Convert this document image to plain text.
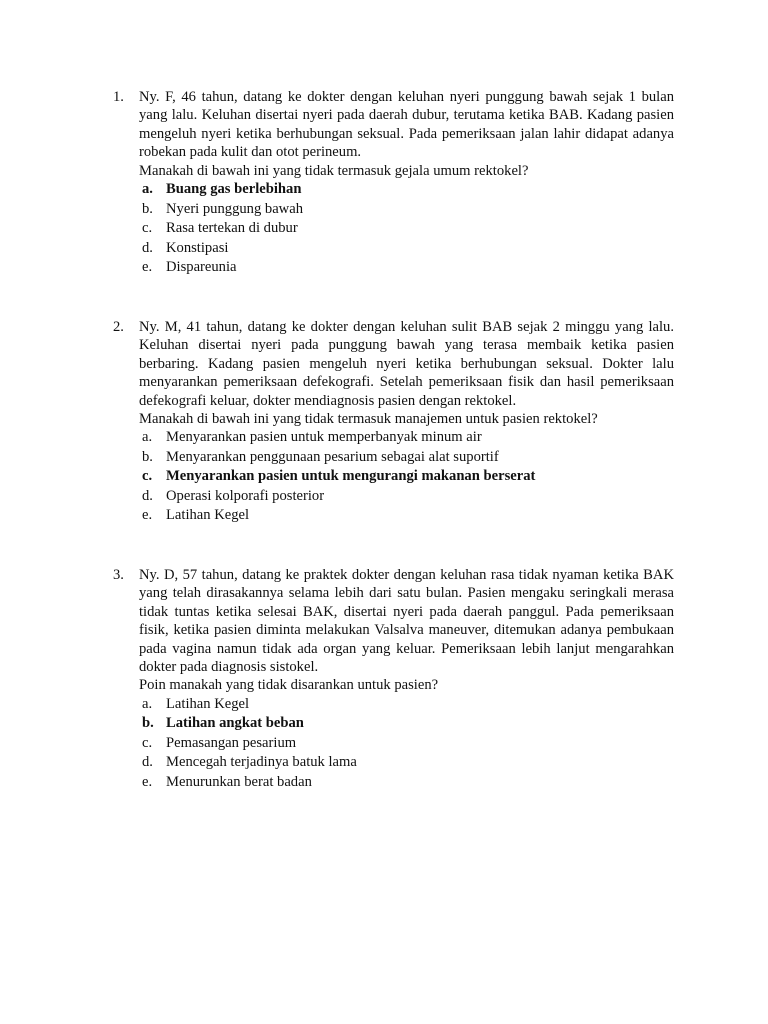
1. Ny. F, 46 tahun, datang ke dokter dengan keluhan nyeri punggung bawah sejak 1 bulan yang lalu. Keluhan disertai nyeri pada daerah dubur, terutama ketika BAB. Kadang pasien mengeluh nyeri ketika berhubungan seksual. Pada pemeriksaan jalan lahir didapat adanya robekan pada kulit dan otot perineum.

Manakah di bawah ini yang tidak termasuk gejala umum rektokel?

a. Buang gas berlebihan
b. Nyeri punggung bawah
c. Rasa tertekan di dubur
d. Konstipasi
e. Dispareunia
2. Ny. M, 41 tahun, datang ke dokter dengan keluhan sulit BAB sejak 2 minggu yang lalu. Keluhan disertai nyeri pada punggung bawah yang terasa membaik ketika pasien berbaring. Kadang pasien mengeluh nyeri ketika berhubungan seksual. Dokter lalu menyarankan pemeriksaan defekografi. Setelah pemeriksaan fisik dan hasil pemeriksaan defekografi keluar, dokter mendiagnosis pasien dengan rektokel.

Manakah di bawah ini yang tidak termasuk manajemen untuk pasien rektokel?

a. Menyarankan pasien untuk memperbanyak minum air
b. Menyarankan penggunaan pesarium sebagai alat suportif
c. Menyarankan pasien untuk mengurangi makanan berserat
d. Operasi kolporafi posterior
e. Latihan Kegel
3. Ny. D, 57 tahun, datang ke praktek dokter dengan keluhan rasa tidak nyaman ketika BAK yang telah dirasakannya selama lebih dari satu bulan. Pasien mengaku seringkali merasa tidak tuntas ketika selesai BAK, disertai nyeri pada daerah panggul. Pada pemeriksaan fisik, ketika pasien diminta melakukan Valsalva maneuver, ditemukan adanya pembukaan pada vagina namun tidak ada organ yang keluar. Pemeriksaan lebih lanjut mengarahkan dokter pada diagnosis sistokel.

Poin manakah yang tidak disarankan untuk pasien?

a. Latihan Kegel
b. Latihan angkat beban
c. Pemasangan pesarium
d. Mencegah terjadinya batuk lama
e. Menurunkan berat badan
